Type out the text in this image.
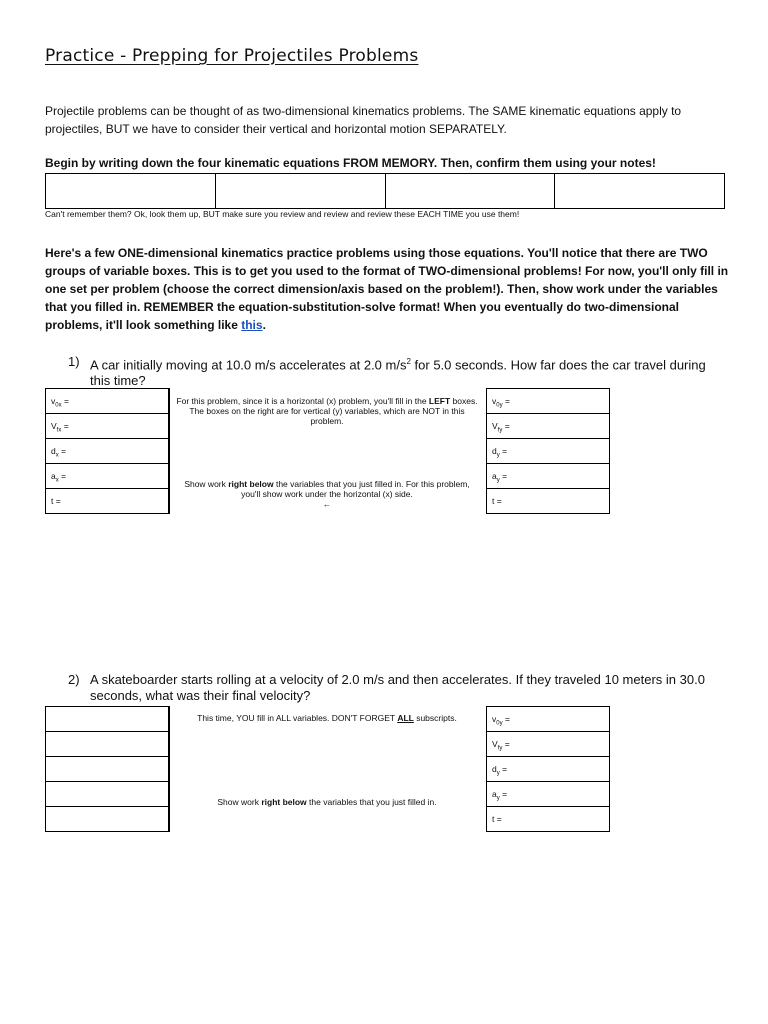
Practice - Prepping for Projectiles Problems
Projectile problems can be thought of as two-dimensional kinematics problems. The SAME kinematic equations apply to projectiles, BUT we have to consider their vertical and horizontal motion SEPARATELY.
Begin by writing down the four kinematic equations FROM MEMORY. Then, confirm them using your notes!
Can't remember them? Ok, look them up, BUT make sure you review and review and review these EACH TIME you use them!
Here's a few ONE-dimensional kinematics practice problems using those equations. You'll notice that there are TWO groups of variable boxes. This is to get you used to the format of TWO-dimensional problems! For now, you'll only fill in one set per problem (choose the correct dimension/axis based on the problem!). Then, show work under the variables that you filled in. REMEMBER the equation-substitution-solve format! When you eventually do two-dimensional problems, it'll look something like this.
1) A car initially moving at 10.0 m/s accelerates at 2.0 $m/s^2$ for 5.0 seconds. How far does the car travel during this time?
$v_{0x}$ =
$V_{fx}$ =
$d_x$ =
$a_x$ =
t =
For this problem, since it is a horizontal (x) problem, you'll fill in the LEFT boxes. The boxes on the right are for vertical (y) variables, which are NOT in this problem.
Show work right below the variables that you just filled in. For this problem, you'll show work under the horizontal (x) side.
←
$v_{0y}$ =
$V_{fy}$ =
$d_y$ =
$a_y$ =
t =
2) A skateboarder starts rolling at a velocity of 2.0 m/s and then accelerates. If they traveled 10 meters in 30.0 seconds, what was their final velocity?
This time, YOU fill in ALL variables. DON'T FORGET ALL subscripts.
Show work right below the variables that you just filled in.
$v_{0y}$ =
$V_{fy}$ =
$d_y$ =
$a_y$ =
t =
